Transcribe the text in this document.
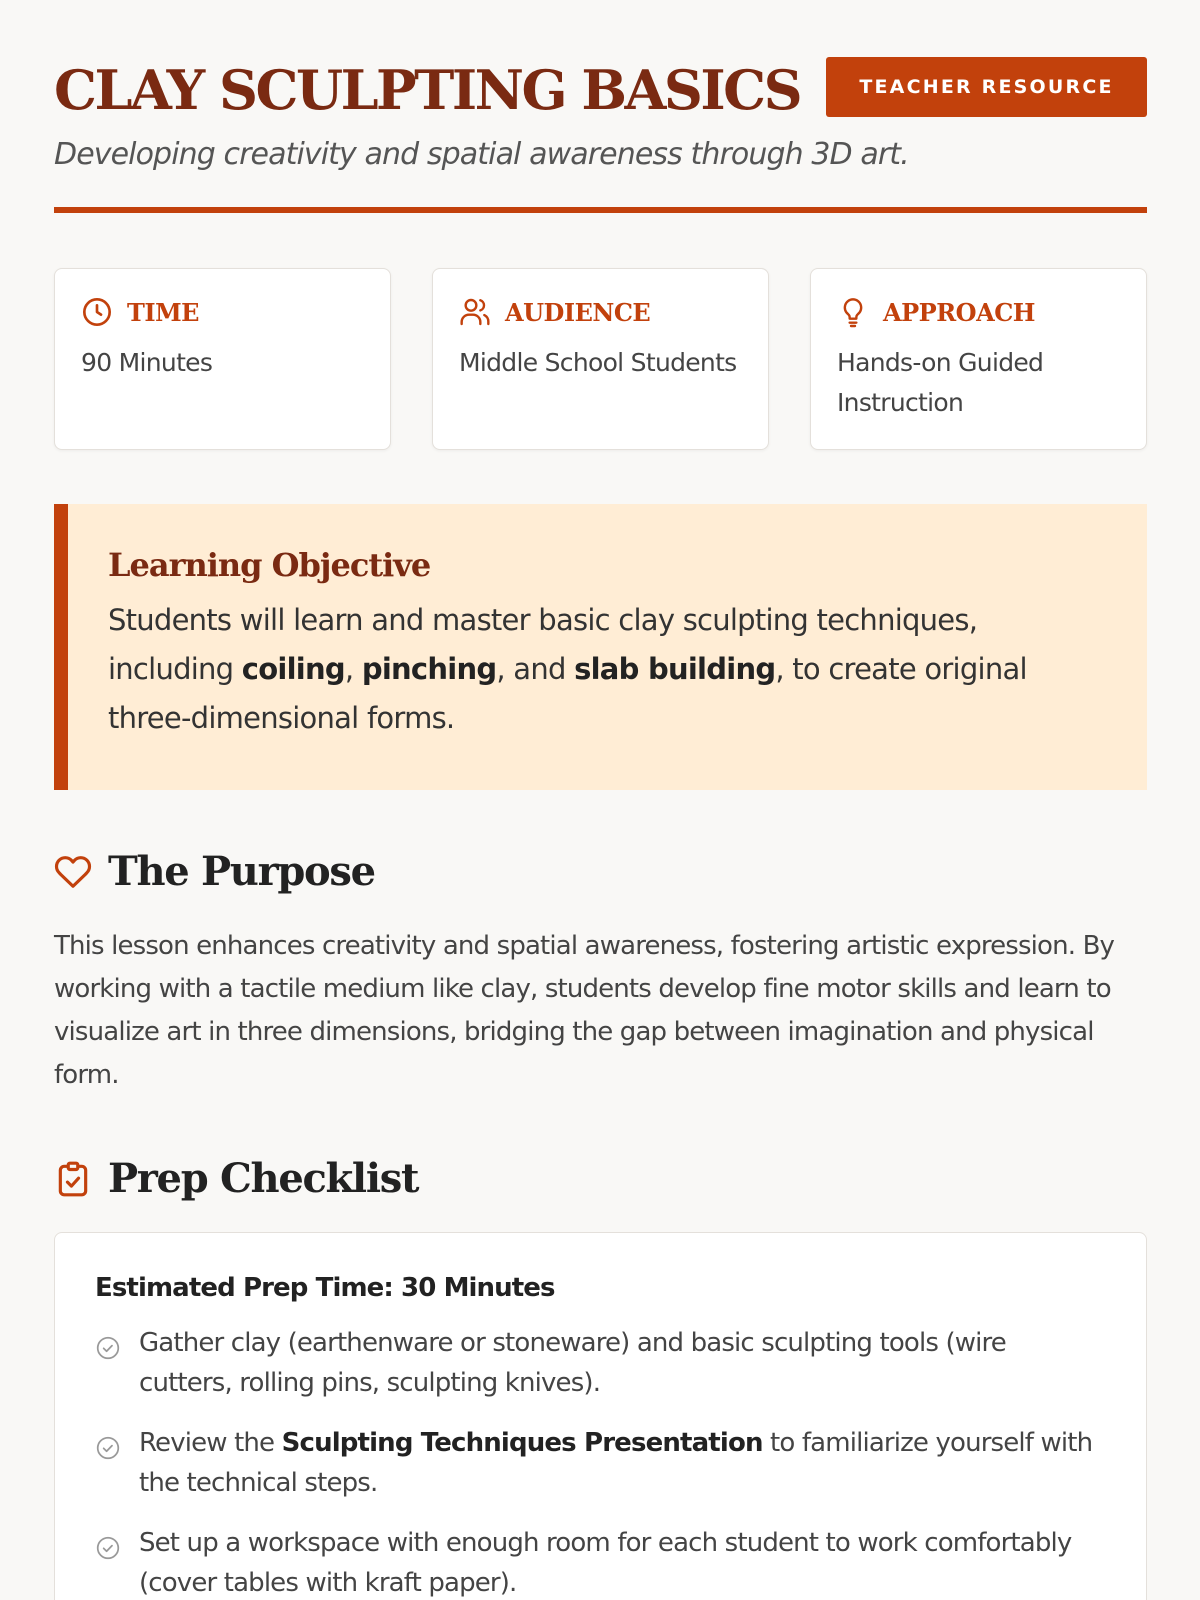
CLAY SCULPTING BASICS	TEACHER RESOURCE

Developing creativity and spatial awareness through 3D art.

TIME
90 Minutes
AUDIENCE
Middle School Students
APPROACH
Hands-on Guided Instruction
Learning Objective

Students will learn and master basic clay sculpting techniques, including coiling, pinching, and slab building, to create original three-dimensional forms.

The Purpose

This lesson enhances creativity and spatial awareness, fostering artistic expression. By working with a tactile medium like clay, students develop fine motor skills and learn to visualize art in three dimensions, bridging the gap between imagination and physical form.

Prep Checklist
Estimated Prep Time: 30 Minutes
Gather clay (earthenware or stoneware) and basic sculpting tools (wire cutters, rolling pins, sculpting knives).
Review the Sculpting Techniques Presentation to familiarize yourself with the technical steps.
Set up a workspace with enough room for each student to work comfortably (cover tables with kraft paper).
